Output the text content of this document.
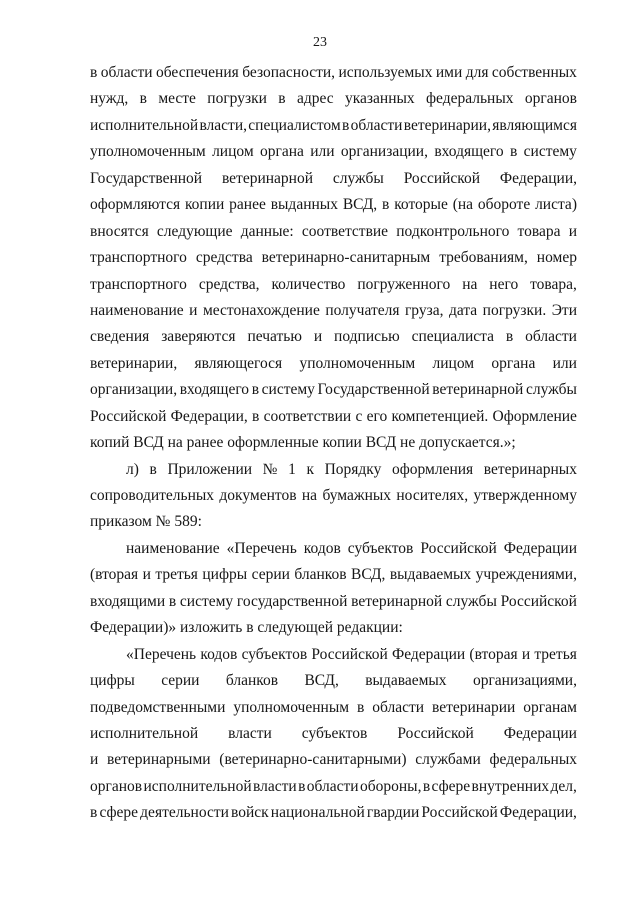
23
в области обеспечения безопасности, используемых ими для собственных
нужд, в месте погрузки в адрес указанных федеральных органов
исполнительной власти, специалистом в области ветеринарии, являющимся
уполномоченным лицом органа или организации, входящего в систему
Государственной ветеринарной службы Российской Федерации,
оформляются копии ранее выданных ВСД, в которые (на обороте листа)
вносятся следующие данные: соответствие подконтрольного товара и
транспортного средства ветеринарно-санитарным требованиям, номер
транспортного средства, количество погруженного на него товара,
наименование и местонахождение получателя груза, дата погрузки. Эти
сведения заверяются печатью и подписью специалиста в области
ветеринарии, являющегося уполномоченным лицом органа или
организации, входящего в систему Государственной ветеринарной службы
Российской Федерации, в соответствии с его компетенцией. Оформление
копий ВСД на ранее оформленные копии ВСД не допускается.»;
л) в Приложении № 1 к Порядку оформления ветеринарных
сопроводительных документов на бумажных носителях, утвержденному
приказом № 589:
наименование «Перечень кодов субъектов Российской Федерации
(вторая и третья цифры серии бланков ВСД, выдаваемых учреждениями,
входящими в систему государственной ветеринарной службы Российской
Федерации)» изложить в следующей редакции:
«Перечень кодов субъектов Российской Федерации (вторая и третья
цифры серии бланков ВСД, выдаваемых организациями,
подведомственными уполномоченным в области ветеринарии органам
исполнительной власти субъектов Российской Федерации
и ветеринарными (ветеринарно-санитарными) службами федеральных
органов исполнительной власти в области обороны, в сфере внутренних дел,
в сфере деятельности войск национальной гвардии Российской Федерации,
